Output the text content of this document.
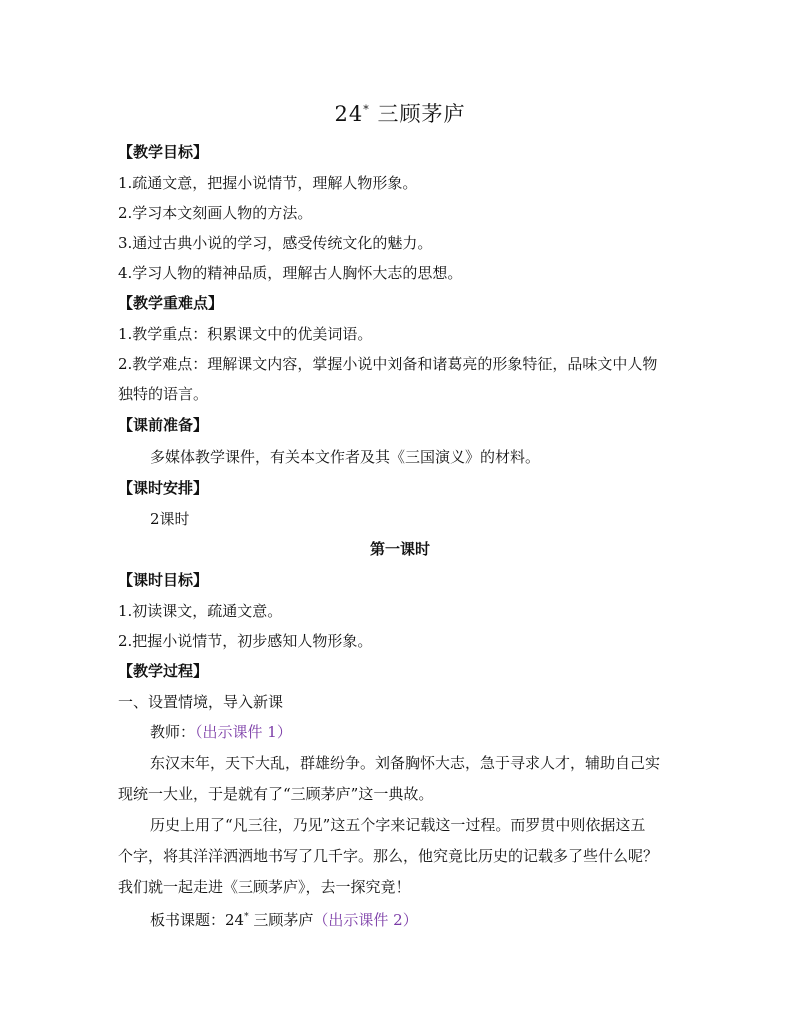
24* 三顾茅庐
【教学目标】
1.疏通文意，把握小说情节，理解人物形象。
2.学习本文刻画人物的方法。
3.通过古典小说的学习，感受传统文化的魅力。
4.学习人物的精神品质，理解古人胸怀大志的思想。
【教学重难点】
1.教学重点：积累课文中的优美词语。
2.教学难点：理解课文内容，掌握小说中刘备和诸葛亮的形象特征，品味文中人物
独特的语言。
【课前准备】
多媒体教学课件，有关本文作者及其《三国演义》的材料。
【课时安排】
2课时
第一课时
【课时目标】
1.初读课文，疏通文意。
2.把握小说情节，初步感知人物形象。
【教学过程】
一、设置情境，导入新课
教师：（出示课件 1）
东汉末年，天下大乱，群雄纷争。刘备胸怀大志，急于寻求人才，辅助自己实
现统一大业，于是就有了“三顾茅庐”这一典故。
历史上用了“凡三往，乃见”这五个字来记载这一过程。而罗贯中则依据这五
个字，将其洋洋洒洒地书写了几千字。那么，他究竟比历史的记载多了些什么呢？
我们就一起走进《三顾茅庐》，去一探究竟！
板书课题：24* 三顾茅庐（出示课件 2）
